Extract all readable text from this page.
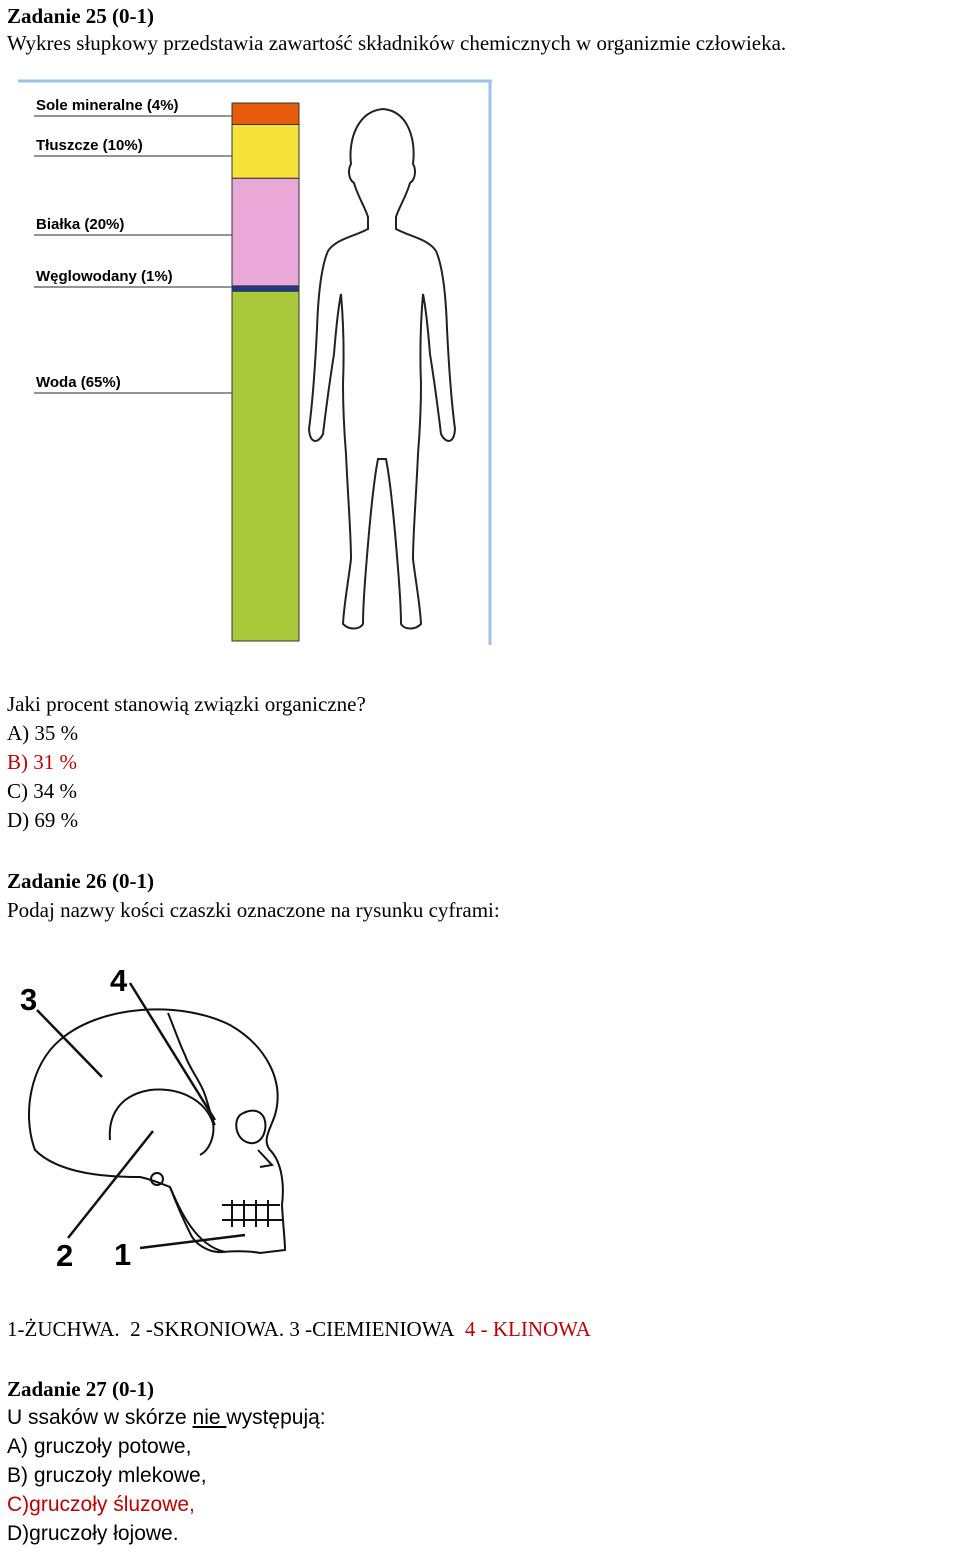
Zadanie 25 (0-1)
Wykres słupkowy przedstawia zawartość składników chemicznych w organizmie człowieka.
Sole mineralne (4%)
Tłuszcze (10%)
Białka (20%)
Węglowodany (1%)
Woda (65%)
Jaki procent stanowią związki organiczne?
A) 35 %
B) 31 %
C) 34 %
D) 69 %
Zadanie 26 (0-1)
Podaj nazwy kości czaszki oznaczone na rysunku cyframi:
3
4
2 1
1-ŻUCHWA. 2 -SKRONIOWA. 3 -CIEMIENIOWA 4 - KLINOWA
Zadanie 27 (0-1)
U ssaków w skórze nie występują:
A) gruczoły potowe,
B) gruczoły mlekowe,
C)gruczoły śluzowe,
D)gruczoły łojowe.
